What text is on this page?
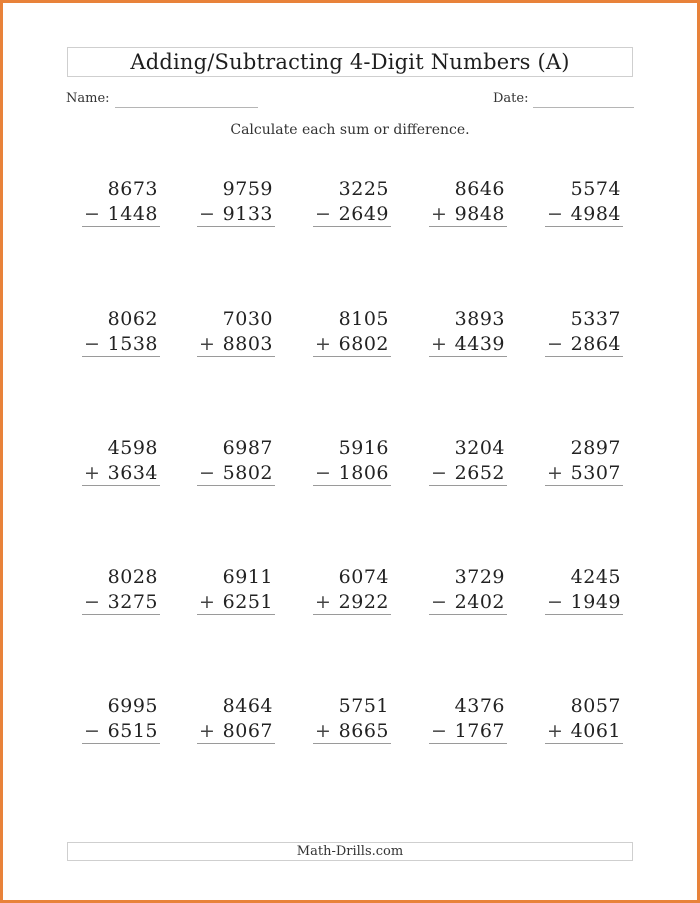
Adding/Subtracting 4-Digit Numbers (A)
Name:	Date:
Calculate each sum or difference.
8673
− 1448
9759
− 9133
3225
− 2649
8646
+ 9848
5574
− 4984
8062
− 1538
7030
+ 8803
8105
+ 6802
3893
+ 4439
5337
− 2864
4598
+ 3634
6987
− 5802
5916
− 1806
3204
− 2652
2897
+ 5307
8028
− 3275
6911
+ 6251
6074
+ 2922
3729
− 2402
4245
− 1949
6995
− 6515
8464
+ 8067
5751
+ 8665
4376
− 1767
8057
+ 4061
Math-Drills.com
